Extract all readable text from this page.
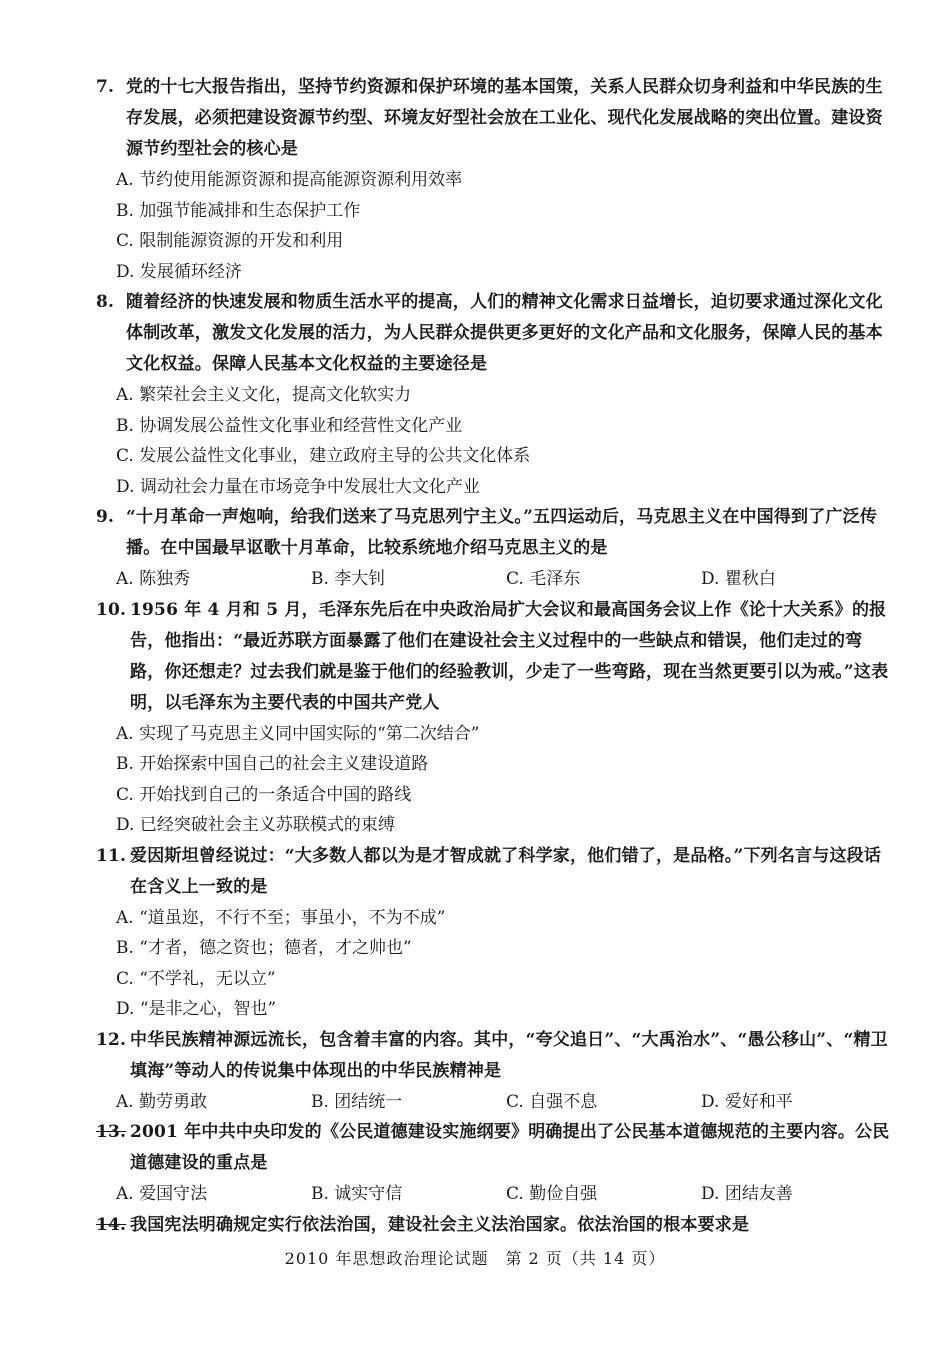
7. 党的十七大报告指出，坚持节约资源和保护环境的基本国策，关系人民群众切身利益和中华民族的生存发展，必须把建设资源节约型、环境友好型社会放在工业化、现代化发展战略的突出位置。建设资源节约型社会的核心是
A. 节约使用能源资源和提高能源资源利用效率
B. 加强节能减排和生态保护工作
C. 限制能源资源的开发和利用
D. 发展循环经济
8. 随着经济的快速发展和物质生活水平的提高，人们的精神文化需求日益增长，迫切要求通过深化文化体制改革，激发文化发展的活力，为人民群众提供更多更好的文化产品和文化服务，保障人民的基本文化权益。保障人民基本文化权益的主要途径是
A. 繁荣社会主义文化，提高文化软实力
B. 协调发展公益性文化事业和经营性文化产业
C. 发展公益性文化事业，建立政府主导的公共文化体系
D. 调动社会力量在市场竞争中发展壮大文化产业
9. “十月革命一声炮响，给我们送来了马克思列宁主义。”五四运动后，马克思主义在中国得到了广泛传播。在中国最早讴歌十月革命，比较系统地介绍马克思主义的是
A. 陈独秀	B. 李大钊	C. 毛泽东	D. 瞿秋白
10. 1956 年 4 月和 5 月，毛泽东先后在中央政治局扩大会议和最高国务会议上作《论十大关系》的报告，他指出：“最近苏联方面暴露了他们在建设社会主义过程中的一些缺点和错误，他们走过的弯路，你还想走？过去我们就是鉴于他们的经验教训，少走了一些弯路，现在当然更要引以为戒。”这表明，以毛泽东为主要代表的中国共产党人
A. 实现了马克思主义同中国实际的“第二次结合”
B. 开始探索中国自己的社会主义建设道路
C. 开始找到自己的一条适合中国的路线
D. 已经突破社会主义苏联模式的束缚
11. 爱因斯坦曾经说过：“大多数人都以为是才智成就了科学家，他们错了，是品格。”下列名言与这段话在含义上一致的是
A. “道虽迩，不行不至；事虽小，不为不成”
B. “才者，德之资也；德者，才之帅也”
C. “不学礼，无以立”
D. “是非之心，智也”
12. 中华民族精神源远流长，包含着丰富的内容。其中，“夸父追日”、“大禹治水”、“愚公移山”、“精卫填海”等动人的传说集中体现出的中华民族精神是
A. 勤劳勇敢	B. 团结统一	C. 自强不息	D. 爱好和平
13. 2001 年中共中央印发的《公民道德建设实施纲要》明确提出了公民基本道德规范的主要内容。公民道德建设的重点是
A. 爱国守法	B. 诚实守信	C. 勤俭自强	D. 团结友善
14. 我国宪法明确规定实行依法治国，建设社会主义法治国家。依法治国的根本要求是
2010 年思想政治理论试题　第 2 页（共 14 页）
